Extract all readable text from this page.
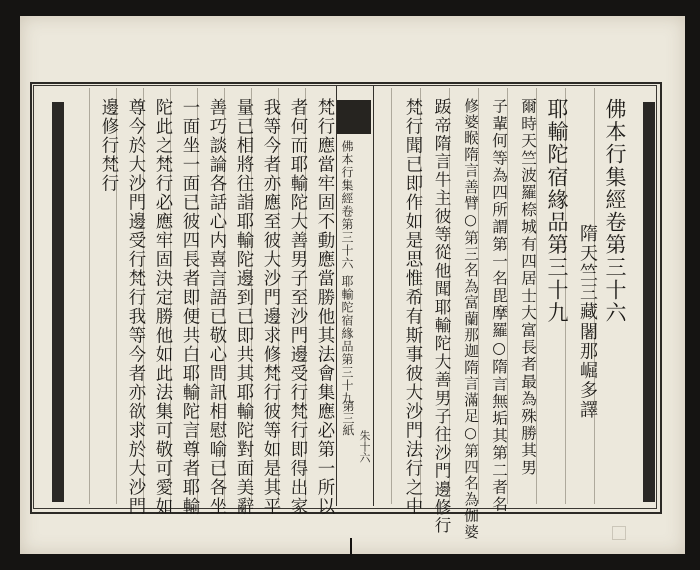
佛本行集經卷第三十六
隋天竺三藏闍那崛多譯
耶輸陀宿緣品第三十九
爾時天竺波羅㮈城有四居士大富長者最為殊勝其男
子輩何等為四所謂第一名毘摩羅○隋言無垢其第二者名
修婆睺隋言善臂○第三名為富蘭那迦隋言滿足○第四名為伽婆
䟦帝隋言牛主彼等從他聞耶輸陀大善男子往沙門邊修行
梵行聞已即作如是思惟希有斯事彼大沙門法行之中
佛本行集經卷第三十六 耶輸陀宿緣品第三十九
第三紙
朱十六
梵行應當牢固不動應當勝他其法會集應必第一所以
者何而耶輸陀大善男子至沙門邊受行梵行即得出家
我等今者亦應至彼大沙門邊求修梵行彼等如是其平
量已相將往詣耶輸陀邊到已即共其耶輸陀對面美辭
善巧談論各話心内喜言語已敬心問訊相慰喻已各坐
一面坐一面已彼四長者即便共白耶輸陀言尊者耶輸
陀此之梵行必應牢固決定勝他如此法集可敬可愛如
尊今於大沙門邊受行梵行我等今者亦欲求於大沙門
邊修行梵行
